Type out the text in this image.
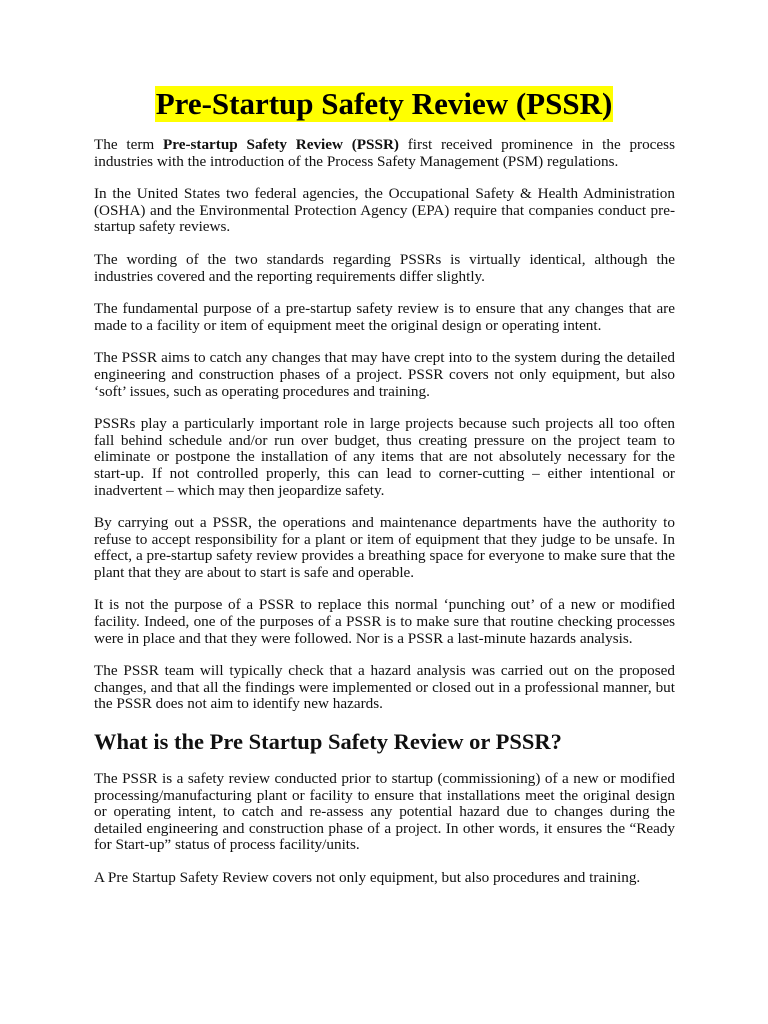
Pre-Startup Safety Review (PSSR)

The term Pre-startup Safety Review (PSSR) first received prominence in the process industries with the introduction of the Process Safety Management (PSM) regulations.

In the United States two federal agencies, the Occupational Safety & Health Administration (OSHA) and the Environmental Protection Agency (EPA) require that companies conduct pre-startup safety reviews.

The wording of the two standards regarding PSSRs is virtually identical, although the industries covered and the reporting requirements differ slightly.

The fundamental purpose of a pre-startup safety review is to ensure that any changes that are made to a facility or item of equipment meet the original design or operating intent.

The PSSR aims to catch any changes that may have crept into to the system during the detailed engineering and construction phases of a project. PSSR covers not only equipment, but also ‘soft’ issues, such as operating procedures and training.

PSSRs play a particularly important role in large projects because such projects all too often fall behind schedule and/or run over budget, thus creating pressure on the project team to eliminate or postpone the installation of any items that are not absolutely necessary for the start-up. If not controlled properly, this can lead to corner-cutting – either intentional or inadvertent – which may then jeopardize safety.

By carrying out a PSSR, the operations and maintenance departments have the authority to refuse to accept responsibility for a plant or item of equipment that they judge to be unsafe. In effect, a pre-startup safety review provides a breathing space for everyone to make sure that the plant that they are about to start is safe and operable.

It is not the purpose of a PSSR to replace this normal ‘punching out’ of a new or modified facility. Indeed, one of the purposes of a PSSR is to make sure that routine checking processes were in place and that they were followed. Nor is a PSSR a last-minute hazards analysis.

The PSSR team will typically check that a hazard analysis was carried out on the proposed changes, and that all the findings were implemented or closed out in a professional manner, but the PSSR does not aim to identify new hazards.

What is the Pre Startup Safety Review or PSSR?

The PSSR is a safety review conducted prior to startup (commissioning) of a new or modified processing/manufacturing plant or facility to ensure that installations meet the original design or operating intent, to catch and re-assess any potential hazard due to changes during the detailed engineering and construction phase of a project. In other words, it ensures the “Ready for Start-up” status of process facility/units.

A Pre Startup Safety Review covers not only equipment, but also procedures and training.
